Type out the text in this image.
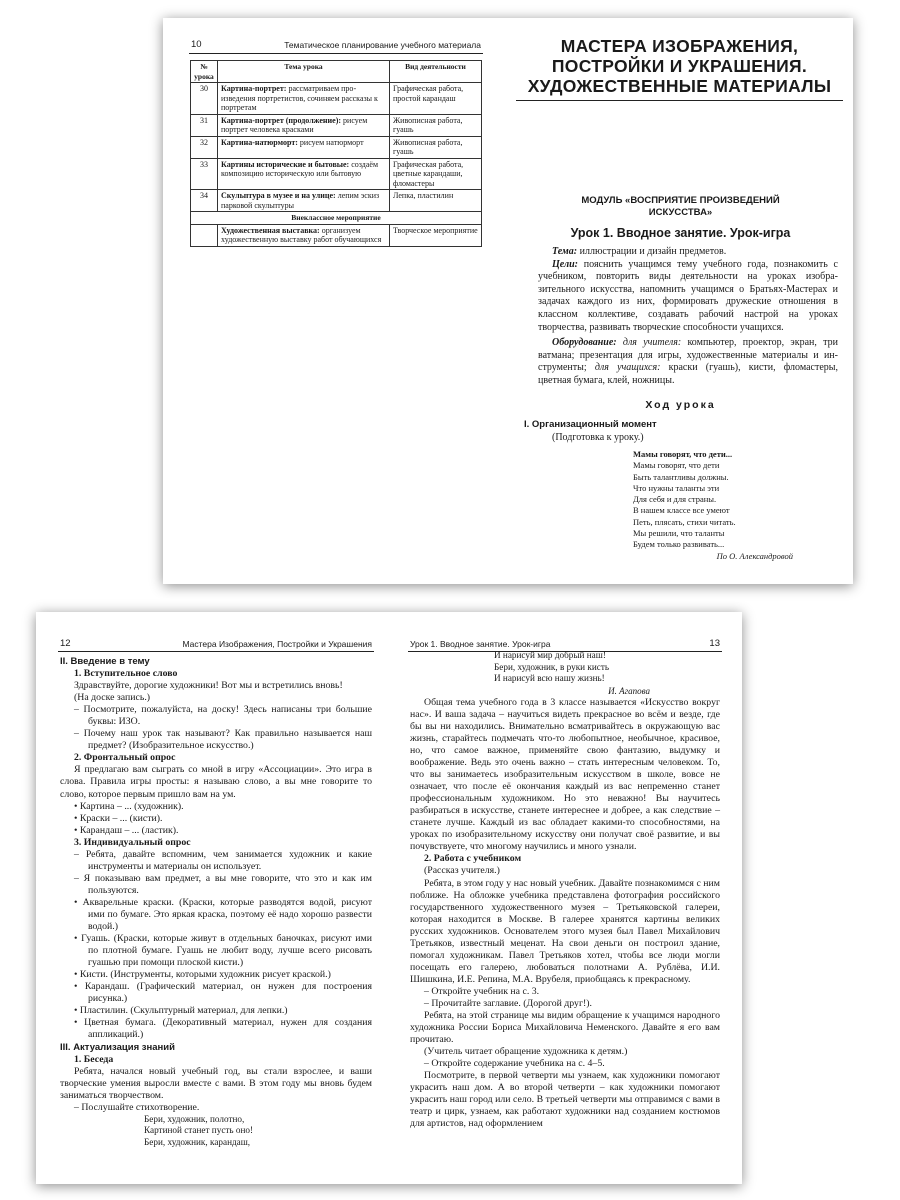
10	Тематическое планирование учебного материала
№ урока	Тема урока	Вид деятельности
30	Картина-портрет: рассматриваем произведения портретистов, сочиняем рассказы к портретам	Графическая работа, простой карандаш
31	Картина-портрет (продолжение): рисуем портрет человека красками	Живописная работа, гуашь
32	Картина-натюрморт: рисуем натюрморт	Живописная работа, гуашь
33	Картины исторические и бытовые: создаём композицию историческую или бытовую	Графическая работа, цветные карандаши, фломастеры
34	Скульптура в музее и на улице: лепим эскиз парковой скульптуры	Лепка, пластилин
Внеклассное мероприятие		
	Художественная выставка: организуем художественную выставку работ обучающихся	Творческое мероприятие
МАСТЕРА ИЗОБРАЖЕНИЯ,
ПОСТРОЙКИ И УКРАШЕНИЯ.
ХУДОЖЕСТВЕННЫЕ МАТЕРИАЛЫ
МОДУЛЬ «ВОСПРИЯТИЕ ПРОИЗВЕДЕНИЙ
ИСКУССТВА»
Урок 1. Вводное занятие. Урок-игра

Тема: иллюстрации и дизайн предметов.

Цели: пояснить учащимся тему учебного года, познакомить с учебником, повторить виды деятельности на уроках изобразительного искусства, напомнить учащимся о Братьях-Мастерах и задачах каждого из них, формировать дружеские отношения в классном коллективе, создавать рабочий настрой на уроках творчества, развивать творческие способности учащихся.

Оборудование: для учителя: компьютер, проектор, экран, три ватмана; презентация для игры, художественные материалы и инструменты; для учащихся: краски (гуашь), кисти, фломастеры, цветная бумага, клей, ножницы.

Ход урока
I. Организационный момент

(Подготовка к уроку.)

Мамы говорят, что дети...
Мамы говорят, что дети
Быть талантливы должны.
Что нужны таланты эти
Для себя и для страны.
В нашем классе все умеют
Петь, плясать, стихи читать.
Мы решили, что таланты
Будем только развивать...
По О. Александровой
12	Мастера Изображения, Постройки и Украшения

II. Введение в тему

1. Вступительное слово

Здравствуйте, дорогие художники! Вот мы и встретились вновь!

(На доске запись.)

– Посмотрите, пожалуйста, на доску! Здесь написаны три большие буквы: ИЗО.

– Почему наш урок так называют? Как правильно называется наш предмет? (Изобразительное искусство.)

2. Фронтальный опрос

Я предлагаю вам сыграть со мной в игру «Ассоциации». Это игра в слова. Правила игры просты: я называю слово, а вы мне говорите то слово, которое первым пришло вам на ум.

• Картина – ... (художник).

• Краски – ... (кисти).

• Карандаш – ... (ластик).

3. Индивидуальный опрос

– Ребята, давайте вспомним, чем занимается художник и какие инструменты и материалы он использует.

– Я показываю вам предмет, а вы мне говорите, что это и как им пользуются.

• Акварельные краски. (Краски, которые разводятся водой, рисуют ими по бумаге. Это яркая краска, поэтому её надо хорошо развести водой.)

• Гуашь. (Краски, которые живут в отдельных баночках, рисуют ими по плотной бумаге. Гуашь не любит воду, лучше всего рисовать гуашью при помощи плоской кисти.)

• Кисти. (Инструменты, которыми художник рисует краской.)

• Карандаш. (Графический материал, он нужен для построения рисунка.)

• Пластилин. (Скульптурный материал, для лепки.)

• Цветная бумага. (Декоративный материал, нужен для создания аппликаций.)

III. Актуализация знаний

1. Беседа

Ребята, начался новый учебный год, вы стали взрослее, и ваши творческие умения выросли вместе с вами. В этом году мы вновь будем заниматься творчеством.

– Послушайте стихотворение.

Бери, художник, полотно,

Картиной станет пусть оно!

Бери, художник, карандаш,

Урок 1. Вводное занятие. Урок-игра	13

И нарисуй мир добрый наш!

Бери, художник, в руки кисть

И нарисуй всю нашу жизнь!

И. Агапова

Общая тема учебного года в 3 классе называется «Искусство вокруг нас». И ваша задача – научиться видеть прекрасное во всём и везде, где бы вы ни находились. Внимательно всматривайтесь в окружающую вас жизнь, старайтесь подмечать что-то любопытное, необычное, красивое, но, что самое важное, применяйте свою фантазию, выдумку и воображение. Ведь это очень важно – стать интересным человеком. То, что вы занимаетесь изобразительным искусством в школе, вовсе не означает, что после её окончания каждый из вас непременно станет профессиональным художником. Но это неважно! Вы научитесь разбираться в искусстве, станете интереснее и добрее, а как следствие – станете лучше. Каждый из вас обладает какими-то способностями, на уроках по изобразительному искусству они получат своё развитие, и вы почувствуете, что многому научились и много узнали.

2. Работа с учебником

(Рассказ учителя.)

Ребята, в этом году у нас новый учебник. Давайте познакомимся с ним поближе. На обложке учебника представлена фотография российского государственного художественного музея – Третьяковской галереи, которая находится в Москве. В галерее хранятся картины великих русских художников. Основателем этого музея был Павел Михайлович Третьяков, известный меценат. На свои деньги он построил здание, помогал художникам. Павел Третьяков хотел, чтобы все люди могли посещать его галерею, любоваться полотнами А. Рублёва, И.И. Шишкина, И.Е. Репина, М.А. Врубеля, приобщаясь к прекрасному.

– Откройте учебник на с. 3.

– Прочитайте заглавие. (Дорогой друг!).

Ребята, на этой странице мы видим обращение к учащимся народного художника России Бориса Михайловича Неменского. Давайте я его вам прочитаю.

(Учитель читает обращение художника к детям.)

– Откройте содержание учебника на с. 4–5.

Посмотрите, в первой четверти мы узнаем, как художники помогают украсить наш дом. А во второй четверти – как художники помогают украсить наш город или село. В третьей четверти мы отправимся с вами в театр и цирк, узнаем, как работают художники над созданием костюмов для артистов, над оформлением
